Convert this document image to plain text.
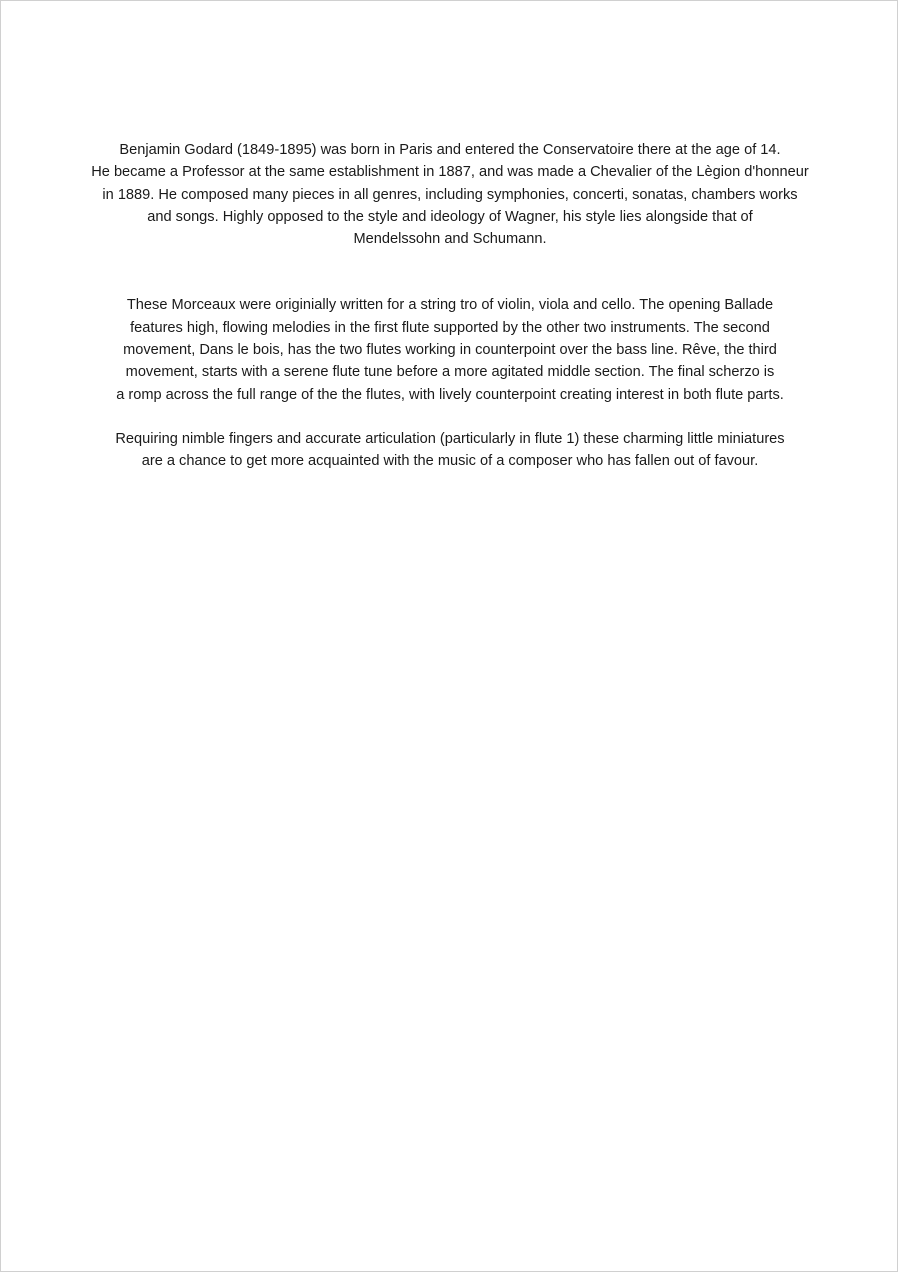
Benjamin Godard (1849-1895) was born in Paris and entered the Conservatoire there at the age of 14.
He became a Professor at the same establishment in 1887, and was made a Chevalier of the Lègion d'honneur
in 1889. He composed many pieces in all genres, including symphonies, concerti, sonatas, chambers works
and songs. Highly opposed to the style and ideology of Wagner, his style lies alongside that of
Mendelssohn and Schumann.

These Morceaux were originially written for a string tro of violin, viola and cello. The opening Ballade
features high, flowing melodies in the first flute supported by the other two instruments. The second
movement, Dans le bois, has the two flutes working in counterpoint over the bass line. Rêve, the third
movement, starts with a serene flute tune before a more agitated middle section. The final scherzo is
a romp across the full range of the the flutes, with lively counterpoint creating interest in both flute parts.

Requiring nimble fingers and accurate articulation (particularly in flute 1) these charming little miniatures
are a chance to get more acquainted with the music of a composer who has fallen out of favour.
